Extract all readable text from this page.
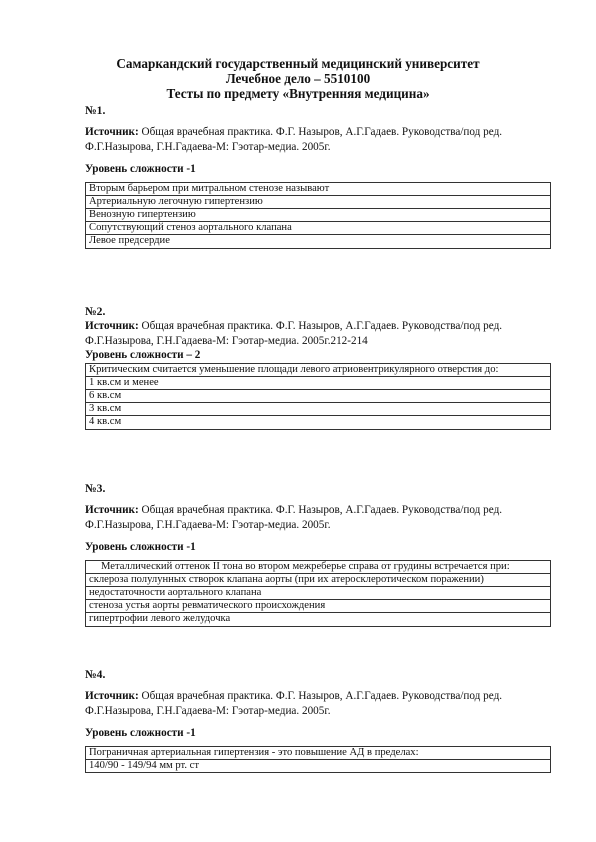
Самаркандский государственный медицинский университет
Лечебное дело – 5510100
Тесты по предмету «Внутренняя медицина»
№1.
Источник: Общая врачебная практика. Ф.Г. Назыров, А.Г.Гадаев. Руководства/под ред. Ф.Г.Назырова, Г.Н.Гадаева-М: Гэотар-медиа. 2005г.
Уровень сложности -1
Вторым барьером при митральном стенозе называют
Артериальную легочную гипертензию
Венозную гипертензию
Сопутствующий стеноз аортального клапана
Левое предсердие
№2.
Источник: Общая врачебная практика. Ф.Г. Назыров, А.Г.Гадаев. Руководства/под ред. Ф.Г.Назырова, Г.Н.Гадаева-М: Гэотар-медиа. 2005г.212-214
Уровень сложности – 2
Критическим считается уменьшение площади левого атриовентрикулярного отверстия до:
1 кв.см и менее
6 кв.см
3 кв.см
4 кв.см
№3.
Источник: Общая врачебная практика. Ф.Г. Назыров, А.Г.Гадаев. Руководства/под ред. Ф.Г.Назырова, Г.Н.Гадаева-М: Гэотар-медиа. 2005г.
Уровень сложности -1
Металлический оттенок II тона во втором межреберье справа от грудины встречается при:
склероза полулунных створок клапана аорты (при их атеросклеротическом поражении)
недостаточности аортального клапана
стеноза устья аорты ревматического происхождения
гипертрофии левого желудочка
№4.
Источник: Общая врачебная практика. Ф.Г. Назыров, А.Г.Гадаев. Руководства/под ред. Ф.Г.Назырова, Г.Н.Гадаева-М: Гэотар-медиа. 2005г.
Уровень сложности -1
Пограничная артериальная гипертензия - это повышение АД в пределах:
140/90 - 149/94 мм рт. ст
